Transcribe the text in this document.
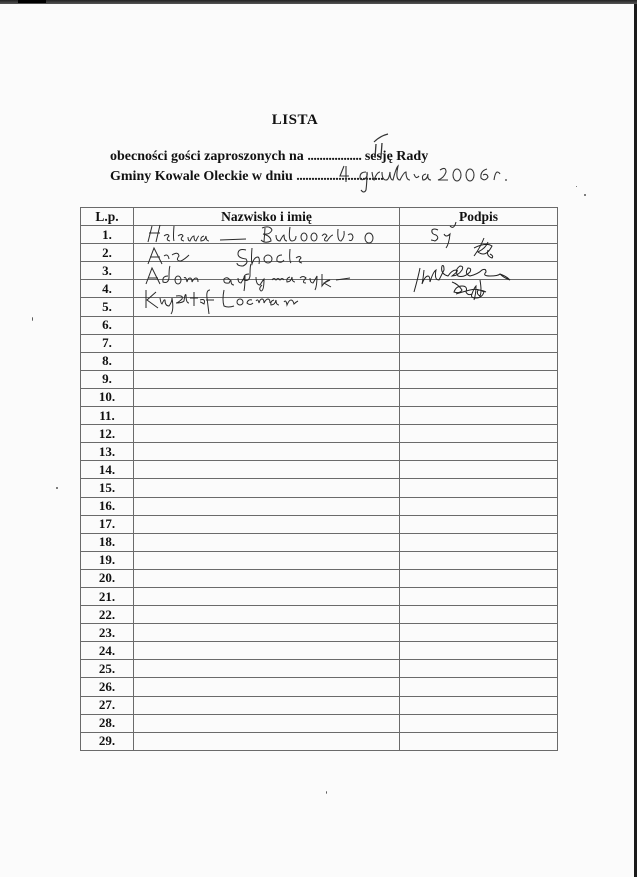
LISTA
obecności gości zaproszonych na .................. sesję Rady
Gminy Kowale Oleckie w dniu .............................
L.p.	Nazwisko i imię	Podpis
1.		
2.		
3.		
4.		
5.		
6.		
7.		
8.		
9.		
10.		
11.		
12.		
13.		
14.		
15.		
16.		
17.		
18.		
19.		
20.		
21.		
22.		
23.		
24.		
25.		
26.		
27.		
28.		
29.		
